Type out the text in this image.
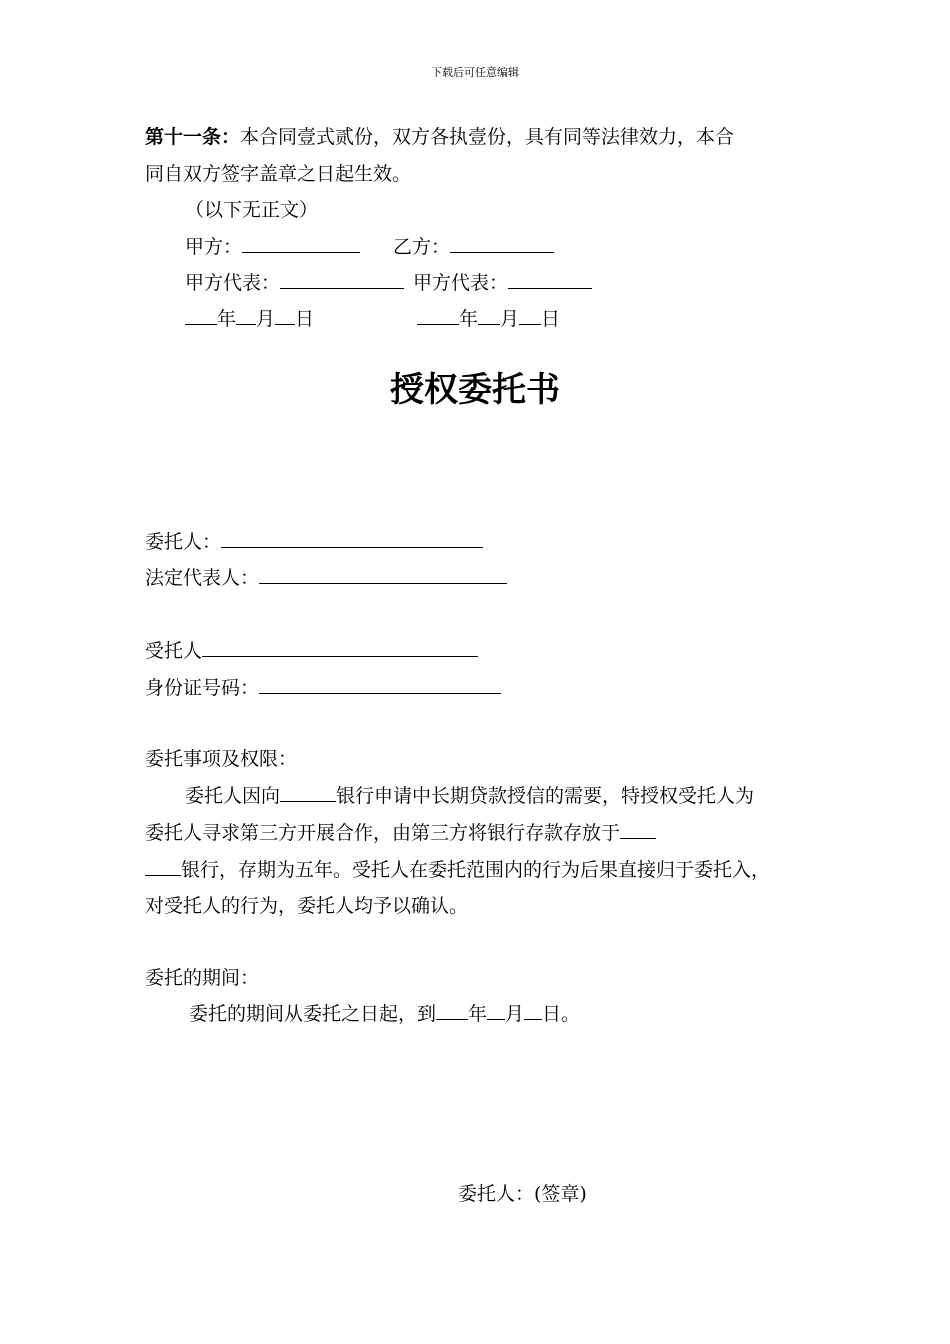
下载后可任意编辑
第十一条：本合同壹式贰份，双方各执壹份，具有同等法律效力，本合
同自双方签字盖章之日起生效。
（以下无正文）
甲方：	乙方：
甲方代表：	甲方代表：
年 月 日	年 月 日
授权委托书
委托人：
法定代表人：
受托人
身份证号码：
委托事项及权限：
委托人因向	银行申请中长期贷款授信的需要，特授权受托人为
委托人寻求第三方开展合作，由第三方将银行存款存放于
银行，存期为五年。受托人在委托范围内的行为后果直接归于委托入，
对受托人的行为，委托人均予以确认。
委托的期间：
委托的期间从委托之日起，到 年 月 日。
委托人：(签章)
